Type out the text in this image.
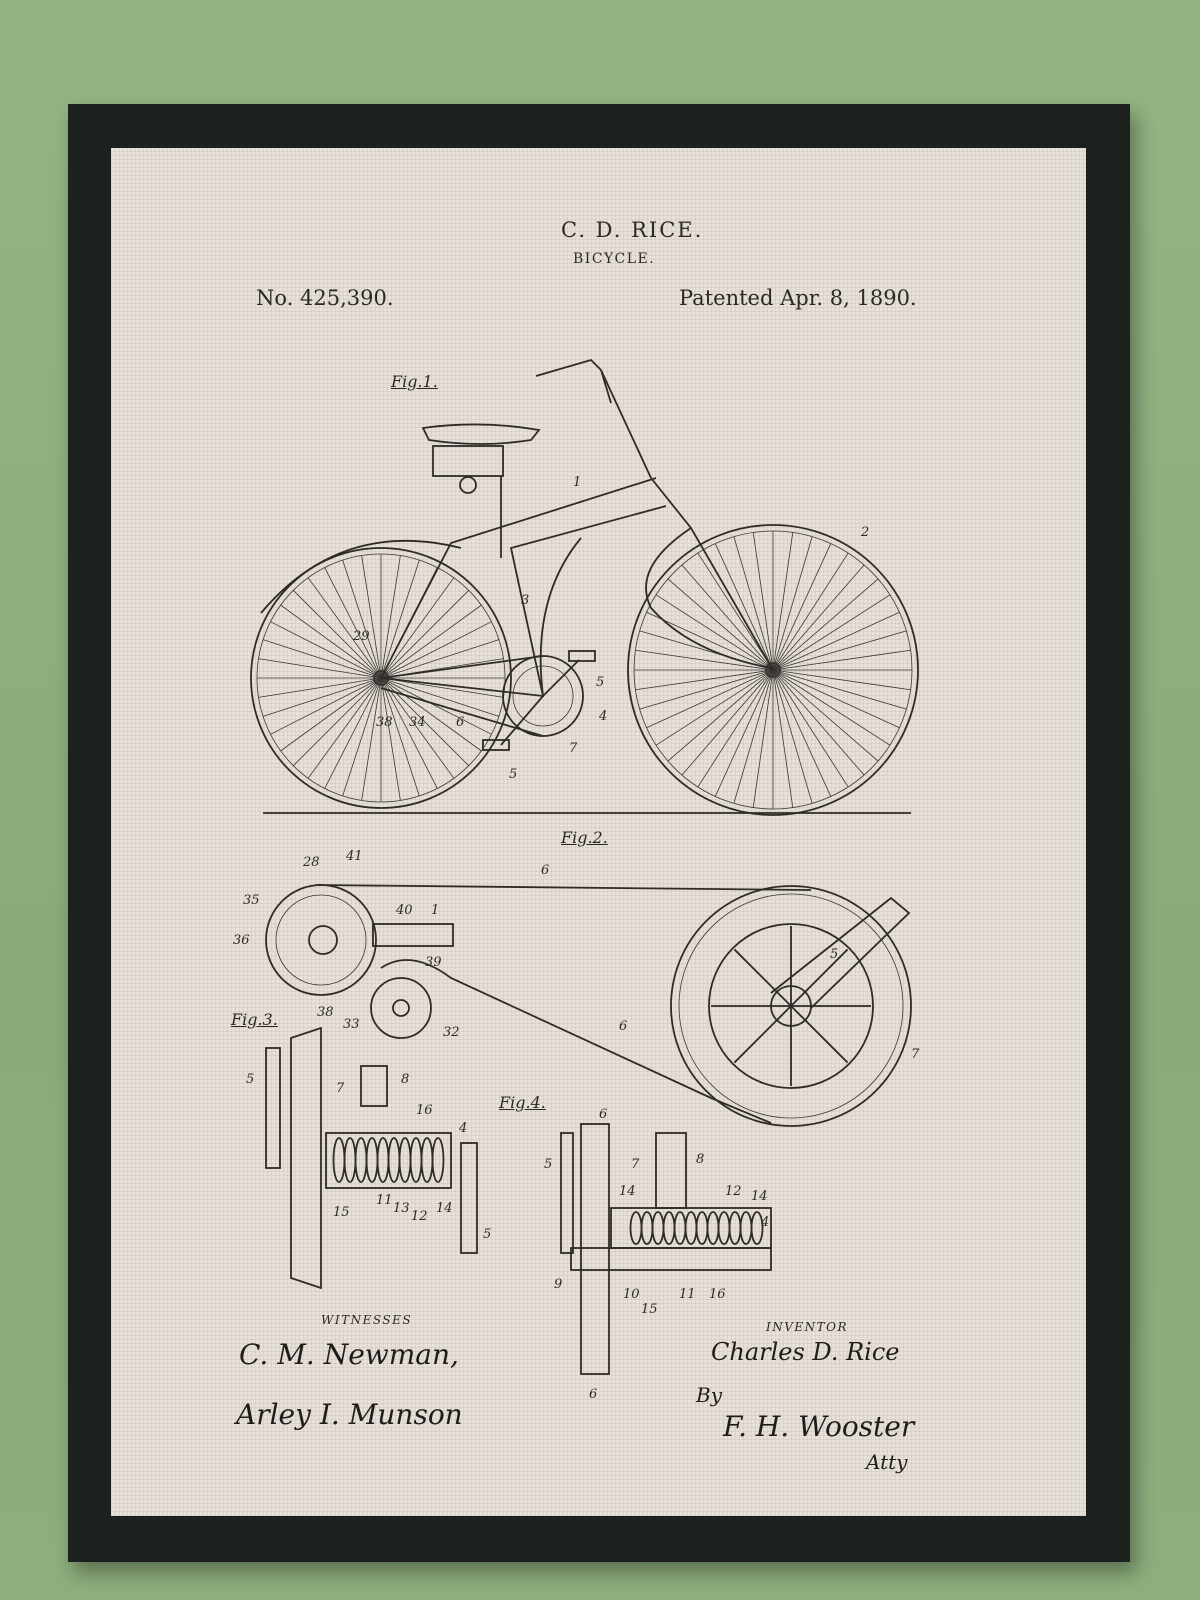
C. D. RICE.
BICYCLE.
No. 425,390.	Patented Apr. 8, 1890.
Fig.1.
Fig.2.
Fig.3.
Fig.4.
1
2
3
4
5
5
6
7
29
38 34
28 41
6
35
36
40 1
39
38
33
32	6
5
7
5
7
8
16
4
15
11
13
12
14
5
6
5	7	8
14	12 14
4
9
10
15
11 16
6
WITNESSES	INVENTOR
C. M. Newman,
Arley I. Munson
Charles D. Rice
By
F. H. Wooster
Atty
